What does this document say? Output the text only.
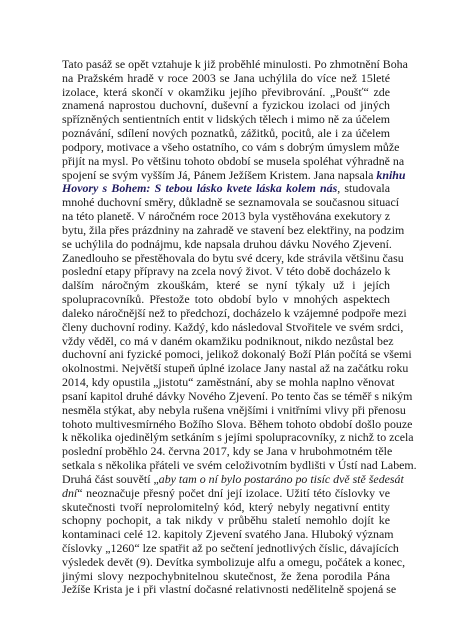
Tato pasáž se opět vztahuje k již proběhlé minulosti. Po zhmotnění Boha
na Pražském hradě v roce 2003 se Jana uchýlila do více než 15leté
izolace, která skončí v okamžiku jejího převibrování. „Poušť“ zde
znamená naprostou duchovní, duševní a fyzickou izolaci od jiných
spřízněných sentientních entit v lidských tělech i mimo ně za účelem
poznávání, sdílení nových poznatků, zážitků, pocitů, ale i za účelem
podpory, motivace a všeho ostatního, co vám s dobrým úmyslem může
přijít na mysl. Po většinu tohoto období se musela spoléhat výhradně na
spojení se svým vyšším Já, Pánem Ježíšem Kristem. Jana napsala knihu
Hovory s Bohem: S tebou lásko kvete láska kolem nás, studovala
mnohé duchovní směry, důkladně se seznamovala se současnou situací
na této planetě. V náročném roce 2013 byla vystěhována exekutory z
bytu, žila přes prázdniny na zahradě ve stavení bez elektřiny, na podzim
se uchýlila do podnájmu, kde napsala druhou dávku Nového Zjevení.
Zanedlouho se přestěhovala do bytu své dcery, kde strávila většinu času
poslední etapy přípravy na zcela nový život. V této době docházelo k
dalším náročným zkouškám, které se nyní týkaly už i jejích
spolupracovníků. Přestože toto období bylo v mnohých aspektech
daleko náročnější než to předchozí, docházelo k vzájemné podpoře mezi
členy duchovní rodiny. Každý, kdo následoval Stvořitele ve svém srdci,
vždy věděl, co má v daném okamžiku podniknout, nikdo nezůstal bez
duchovní ani fyzické pomoci, jelikož dokonalý Boží Plán počítá se všemi
okolnostmi. Největší stupeň úplné izolace Jany nastal až na začátku roku
2014, kdy opustila „jistotu“ zaměstnání, aby se mohla naplno věnovat
psaní kapitol druhé dávky Nového Zjevení. Po tento čas se téměř s nikým
nesměla stýkat, aby nebyla rušena vnějšími i vnitřními vlivy při přenosu
tohoto multivesmírného Božího Slova. Během tohoto období došlo pouze
k několika ojedinělým setkáním s jejími spolupracovníky, z nichž to zcela
poslední proběhlo 24. června 2017, kdy se Jana v hrubohmotném těle
setkala s několika přáteli ve svém celoživotním bydlišti v Ústí nad Labem.
Druhá část souvětí „aby tam o ní bylo postaráno po tisíc dvě stě šedesát
dní“ neoznačuje přesný počet dní její izolace. Užití této číslovky ve
skutečnosti tvoří neprolomitelný kód, který nebyly negativní entity
schopny pochopit, a tak nikdy v průběhu staletí nemohlo dojít ke
kontaminaci celé 12. kapitoly Zjevení svatého Jana. Hluboký význam
číslovky „1260“ lze spatřit až po sečtení jednotlivých číslic, dávajících
výsledek devět (9). Devítka symbolizuje alfu a omegu, počátek a konec,
jinými slovy nezpochybnitelnou skutečnost, že žena porodila Pána
Ježíše Krista je i při vlastní dočasné relativnosti nedělitelně spojená se
